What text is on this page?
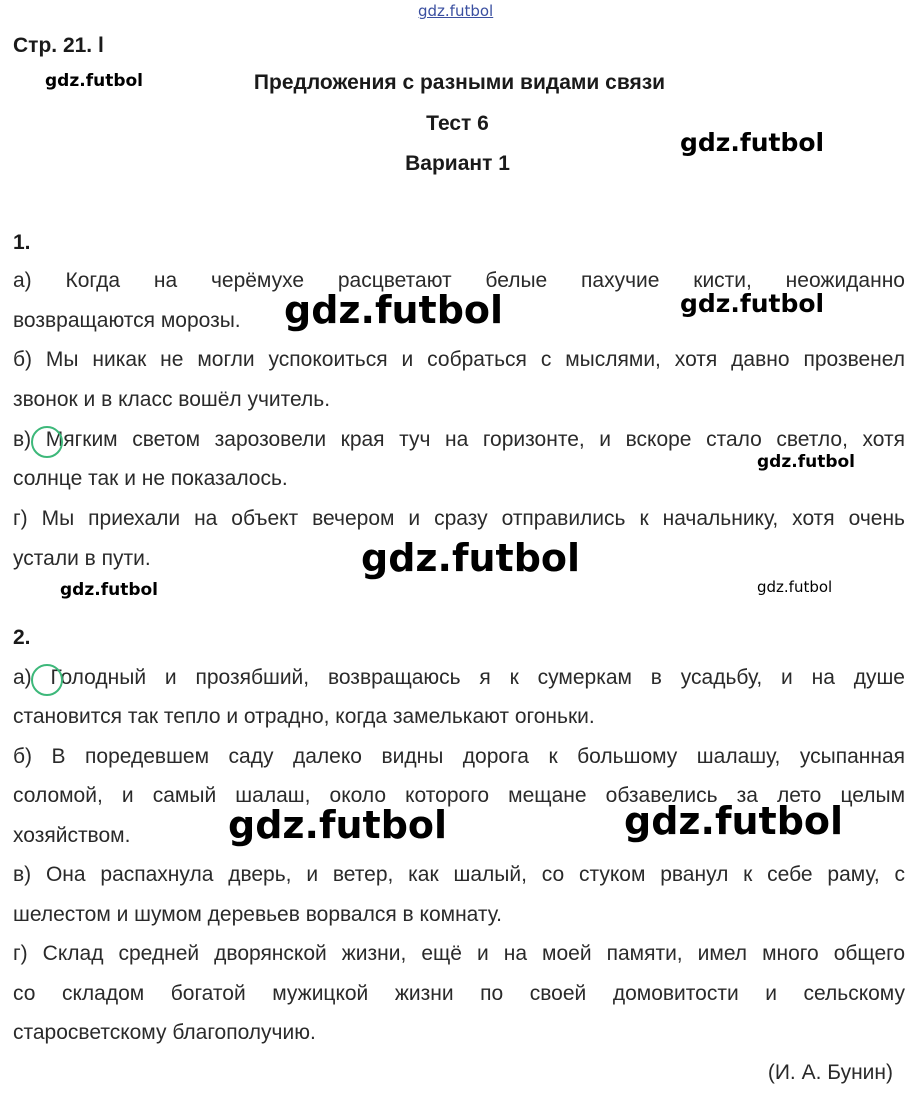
gdz.futbol
Стр. 21. l
gdz.futbol	Предложения с разными видами связи
Тест 6
Вариант 1
gdz.futbol
1.
а) Когда на черёмухе расцветают белые пахучие кисти, неожиданно
возвращаются морозы.	gdz.futbol	gdz.futbol
б) Мы никак не могли успокоиться и собраться с мыслями, хотя давно прозвенел
звонок и в класс вошёл учитель.
в) Мягким светом зарозовели края туч на горизонте, и вскоре стало светло, хотя
солнце так и не показалось.
gdz.futbol
г) Мы приехали на объект вечером и сразу отправились к начальнику, хотя очень
устали в пути.	gdz.futbol
gdz.futbol	gdz.futbol
2.
а) Голодный и прозябший, возвращаюсь я к сумеркам в усадьбу, и на душе
становится так тепло и отрадно, когда замелькают огоньки.
б) В поредевшем саду далеко видны дорога к большому шалашу, усыпанная
соломой, и самый шалаш, около которого мещане обзавелись за лето целым
хозяйством.	gdz.futbol	gdz.futbol
в) Она распахнула дверь, и ветер, как шалый, со стуком рванул к себе раму, с
шелестом и шумом деревьев ворвался в комнату.
г) Склад средней дворянской жизни, ещё и на моей памяти, имел много общего
со складом богатой мужицкой жизни по своей домовитости и сельскому
старосветскому благополучию.
(И. А. Бунин)
